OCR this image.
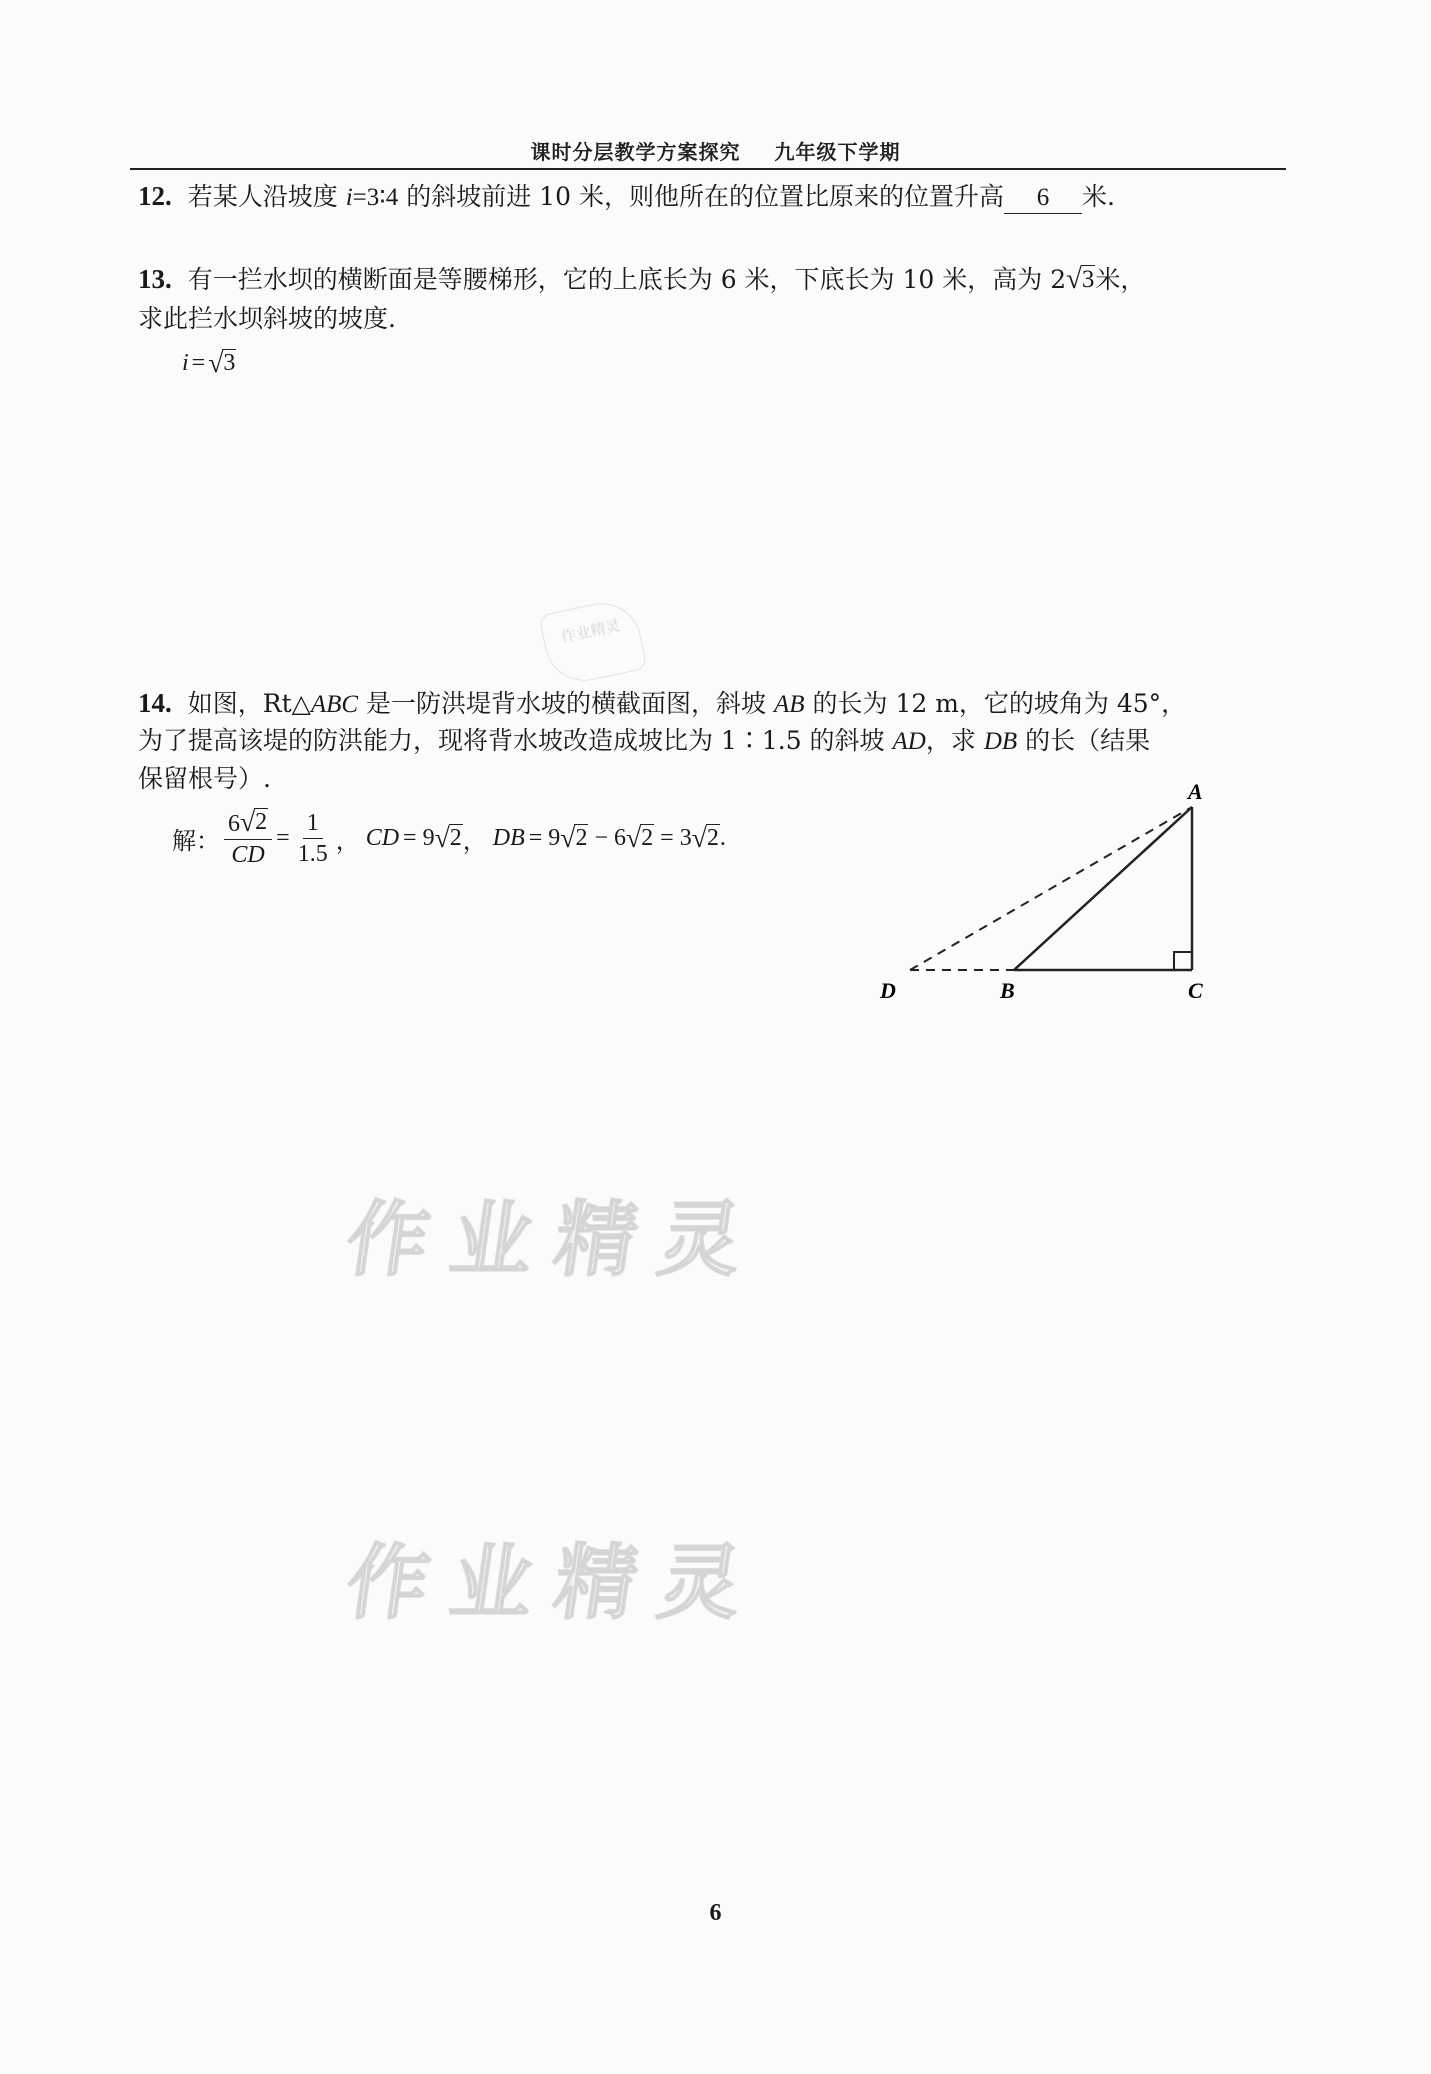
课时分层教学方案探究 九年级下学期
12. 若某人沿坡度 i=3∶4 的斜坡前进 10 米，则他所在的位置比原来的位置升高 6 米.
13. 有一拦水坝的横断面是等腰梯形，它的上底长为 6 米，下底长为 10 米，高为 2 √ 3 米，
求此拦水坝斜坡的坡度.
i = √ 3
作业精灵
14. 如图，Rt△ABC 是一防洪堤背水坡的横截面图，斜坡 AB 的长为 12 m，它的坡角为 45°，
为了提高该堤的防洪能力，现将背水坡改造成坡比为 1∶1.5 的斜坡 AD，求 DB 的长（结果
保留根号）.
解： $\frac{6 √ 2}{CD} = \frac{1}{1.5}$ ， CD = 9 √ 2 ， DB = 9 √ 2 − 6 √ 2 = 3 √ 2 .
A
B	C
D
作业精灵
作业精灵
6
